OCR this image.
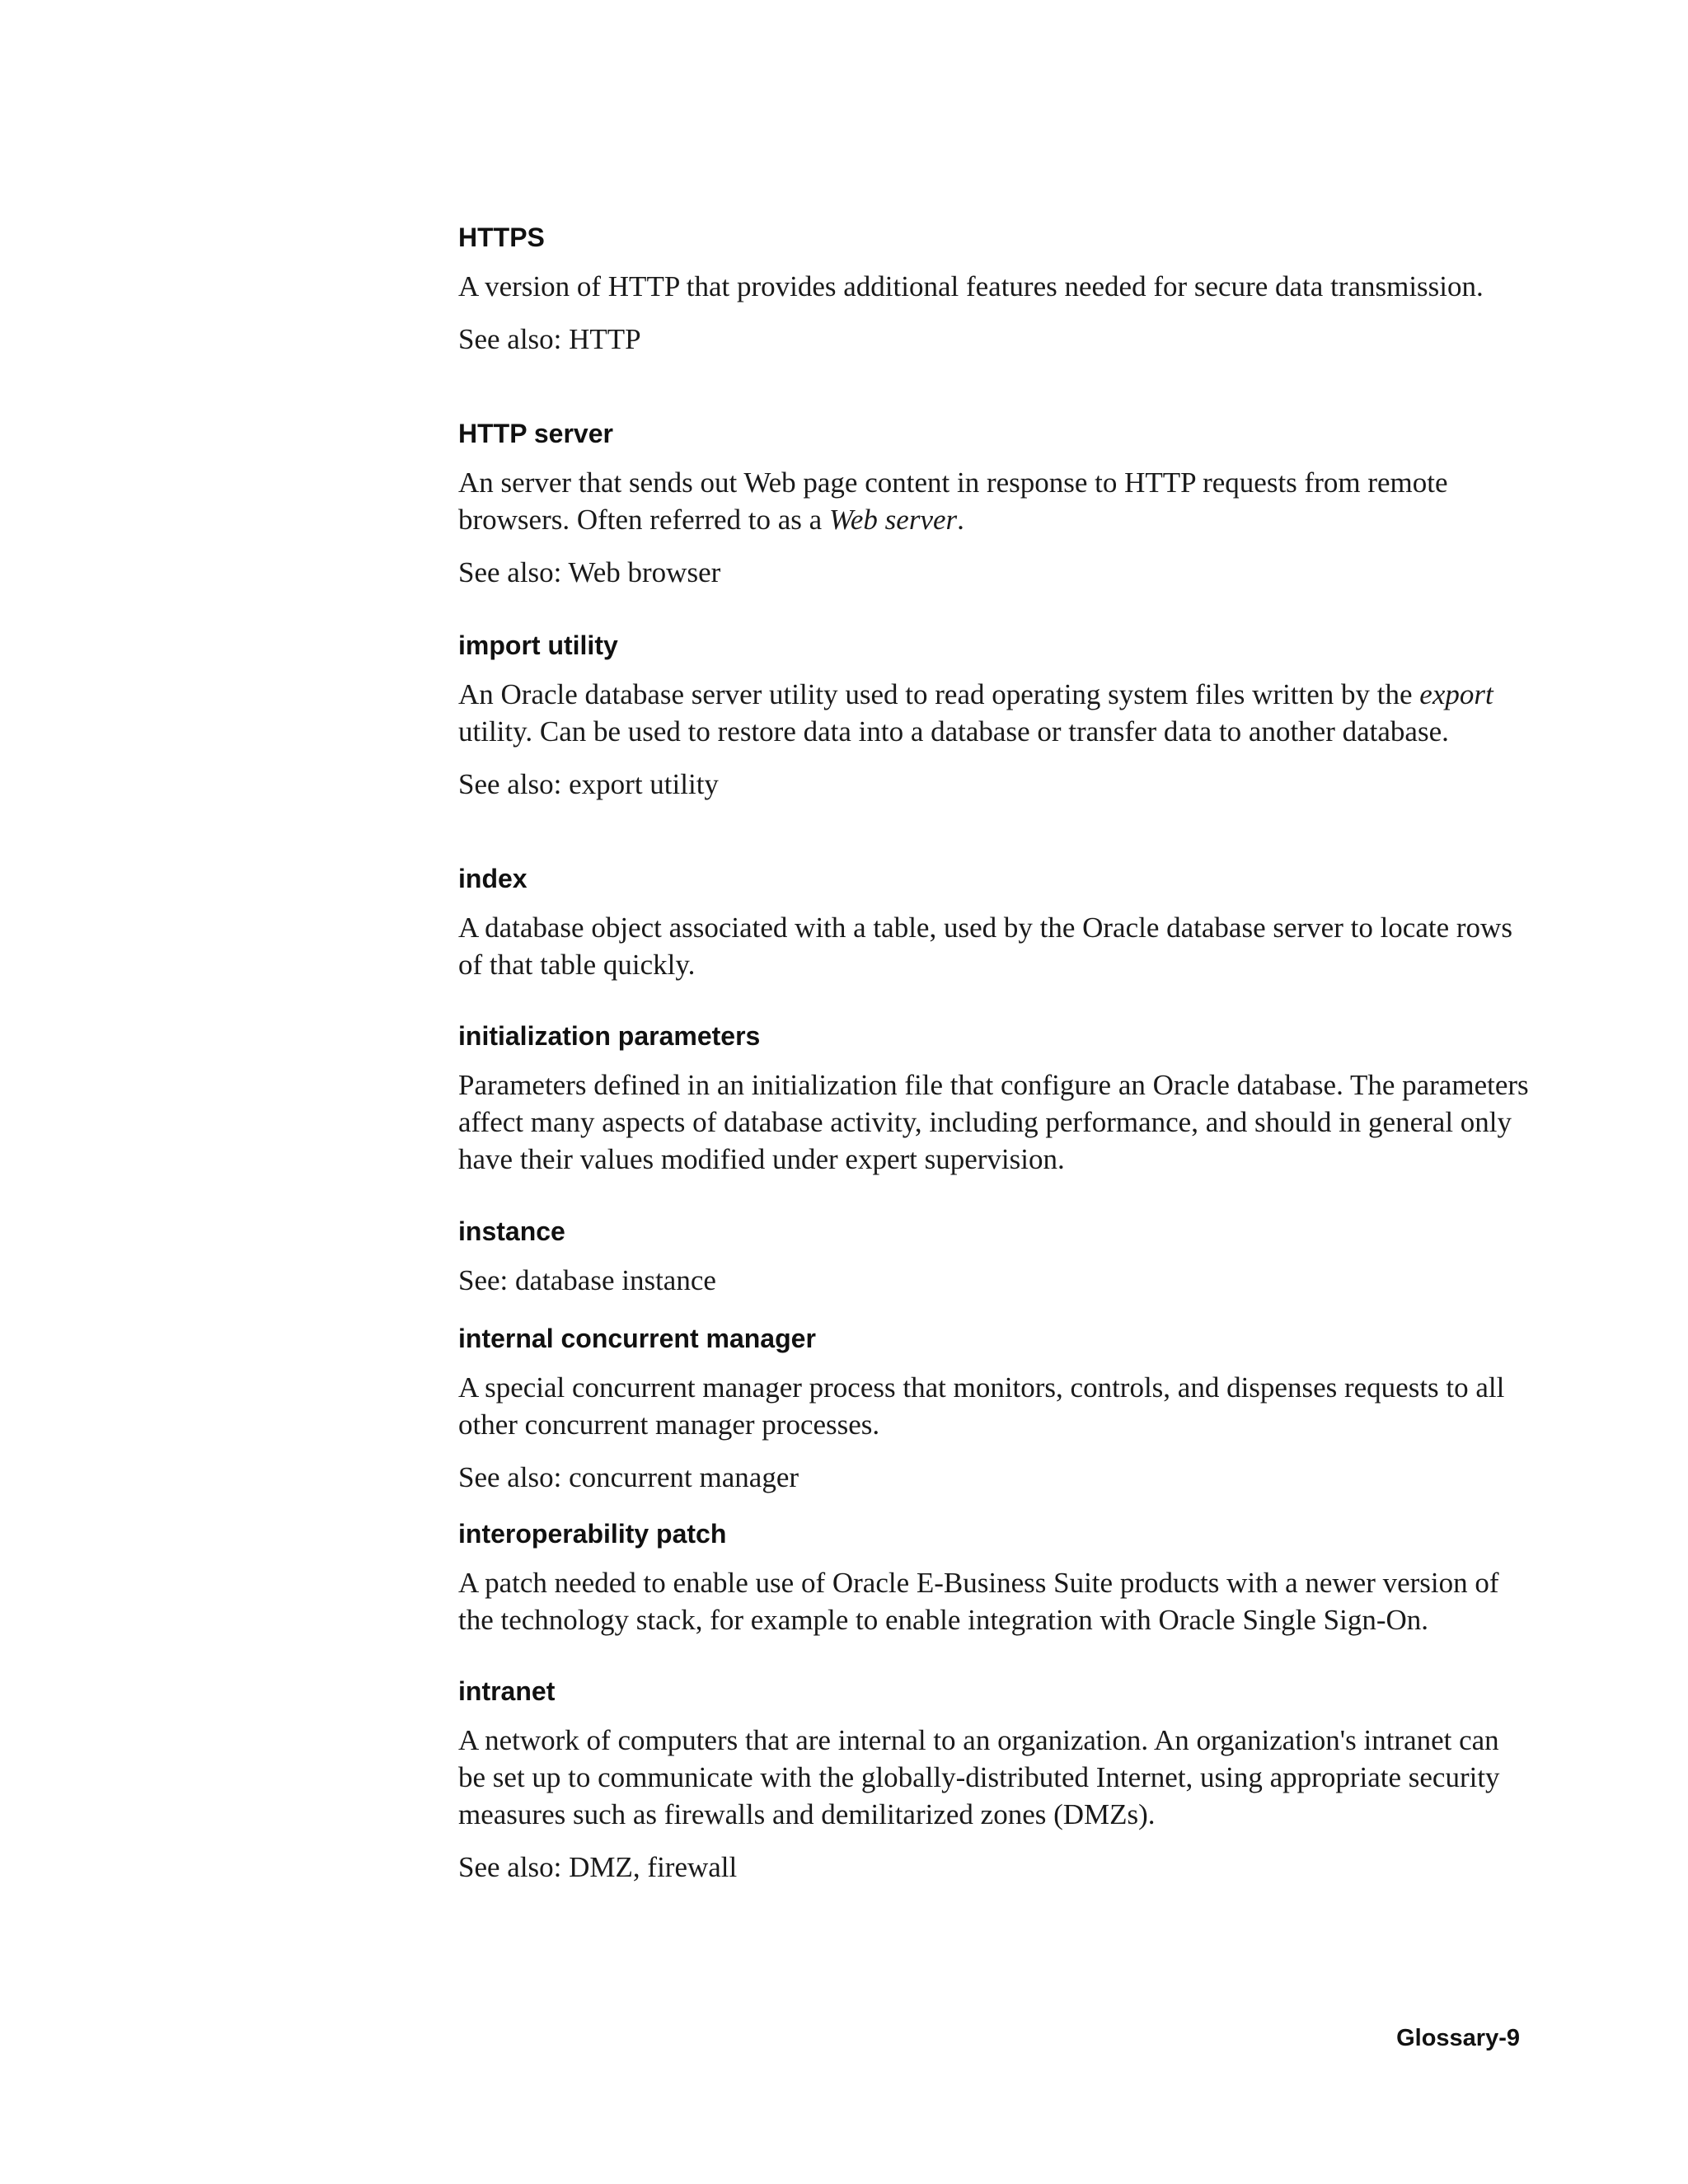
HTTPS

A version of HTTP that provides additional features needed for secure data transmission.

See also: HTTP

HTTP server

An server that sends out Web page content in response to HTTP requests from remote browsers. Often referred to as a Web server.

See also: Web browser

import utility

An Oracle database server utility used to read operating system files written by the export utility. Can be used to restore data into a database or transfer data to another database.

See also: export utility

index

A database object associated with a table, used by the Oracle database server to locate rows of that table quickly.

initialization parameters

Parameters defined in an initialization file that configure an Oracle database. The parameters affect many aspects of database activity, including performance, and should in general only have their values modified under expert supervision.

instance

See: database instance

internal concurrent manager

A special concurrent manager process that monitors, controls, and dispenses requests to all other concurrent manager processes.

See also: concurrent manager

interoperability patch

A patch needed to enable use of Oracle E-Business Suite products with a newer version of the technology stack, for example to enable integration with Oracle Single Sign-On.

intranet

A network of computers that are internal to an organization. An organization's intranet can be set up to communicate with the globally-distributed Internet, using appropriate security measures such as firewalls and demilitarized zones (DMZs).

See also: DMZ, firewall

Glossary-9
